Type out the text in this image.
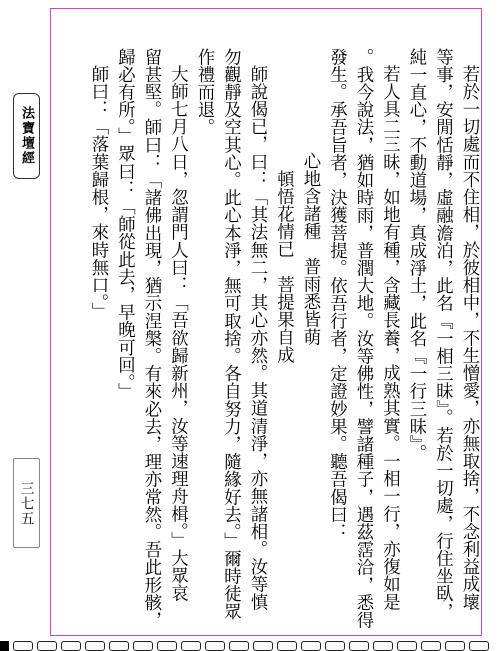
法寶壇經
三七五	若於一切處而不住相，於彼相中，不生憎愛，亦無取捨，不念利益成壞
等事，安閒恬靜，虛融澹泊，此名『一相三昧』。若於一切處，行住坐臥，
純一直心，不動道場，真成淨土，此名『一行三昧』。
若人具二三昧，如地有種，含藏長養，成熟其實。一相一行，亦復如是
。我今說法，猶如時雨，普潤大地。汝等佛性，譬諸種子，遇茲霑洽，悉得
發生。承吾旨者，決獲菩提。依吾行者，定證妙果。聽吾偈曰：
心地含諸種　普雨悉皆萌
頓悟花情已　菩提果自成
師說偈已，曰：「其法無二，其心亦然。其道清淨，亦無諸相。汝等慎
勿觀靜及空其心。此心本淨，無可取捨。各自努力，隨緣好去。」爾時徒眾
作禮而退。
大師七月八日，忽謂門人曰：「吾欲歸新州，汝等速理舟楫。」大眾哀
留甚堅。師曰：「諸佛出現，猶示涅槃。有來必去，理亦常然。吾此形骸，
歸必有所。」眾曰：「師從此去，早晚可回。」
師曰：「落葉歸根，來時無口。」
